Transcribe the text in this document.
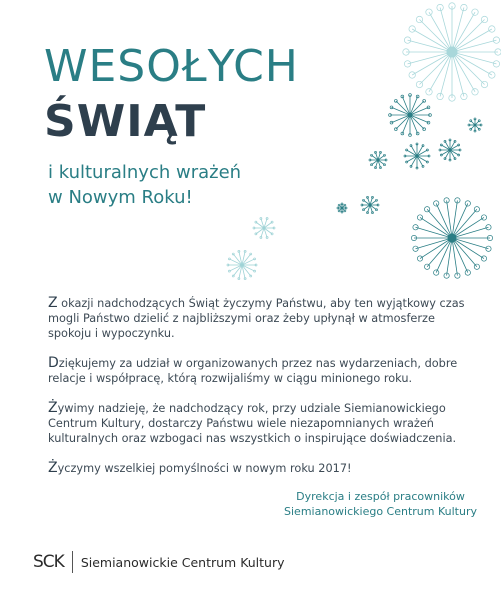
WESOŁYCH
ŚWIĄT
i kulturalnych wrażeń
w Nowym Roku!

Z okazji nadchodzących Świąt życzymy Państwu, aby ten wyjątkowy czas mogli Państwo dzielić z najbliższymi oraz żeby upłynął w atmosferze spokoju i wypoczynku.

Dziękujemy za udział w organizowanych przez nas wydarzeniach, dobre relacje i współpracę, którą rozwijaliśmy w ciągu minionego roku.

Żywimy nadzieję, że nadchodzący rok, przy udziale Siemianowickiego Centrum Kultury, dostarczy Państwu wiele niezapomnianych wrażeń kulturalnych oraz wzbogaci nas wszystkich o inspirujące doświadczenia.

Życzymy wszelkiej pomyślności w nowym roku 2017!

Dyrekcja i zespół pracowników
Siemianowickiego Centrum Kultury
SCK	Siemianowickie Centrum Kultury
